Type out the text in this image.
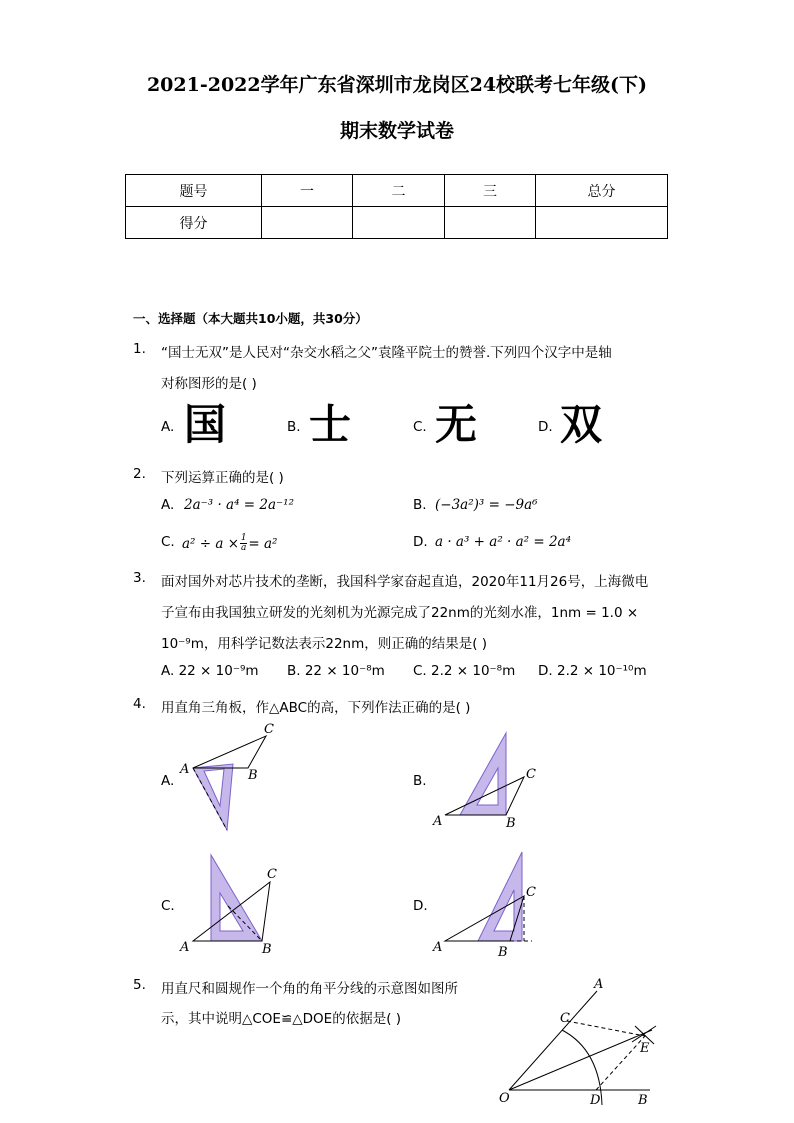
2021-2022学年广东省深圳市龙岗区24校联考七年级(下)
期末数学试卷
题号	一	二	三	总分
得分				
一、选择题（本大题共10小题，共30分）
1. “国士无双”是人民对“杂交水稻之父”袁隆平院士的赞誉.下列四个汉字中是轴
对称图形的是( )
A. 国	B. 士	C. 无	D. 双
2. 下列运算正确的是( )
A. 2a⁻³ · a⁴ = 2a⁻¹²	B. (−3a²)³ = −9a⁶
C. $a^2 \div a \times \frac{1}{a} = a^2$	D. a · a³ + a² · a² = 2a⁴
3. 面对国外对芯片技术的垄断，我国科学家奋起直追，2020年11月26号，上海微电
子宣布由我国独立研发的光刻机为光源完成了22nm的光刻水准，1nm = 1.0 ×
10⁻⁹m，用科学记数法表示22nm，则正确的结果是( )
A. 22 × 10⁻⁹m B. 22 × 10⁻⁸m C. 2.2 × 10⁻⁸m D. 2.2 × 10⁻¹⁰m
4. 用直角三角板，作△ABC的高，下列作法正确的是( )
A.	B.
C.	D.
A	B
C
A	B
C
A	B
C
A	B
C
A
C
E
O	D	B
5. 用直尺和圆规作一个角的角平分线的示意图如图所
示，其中说明△COE≌△DOE的依据是( )
